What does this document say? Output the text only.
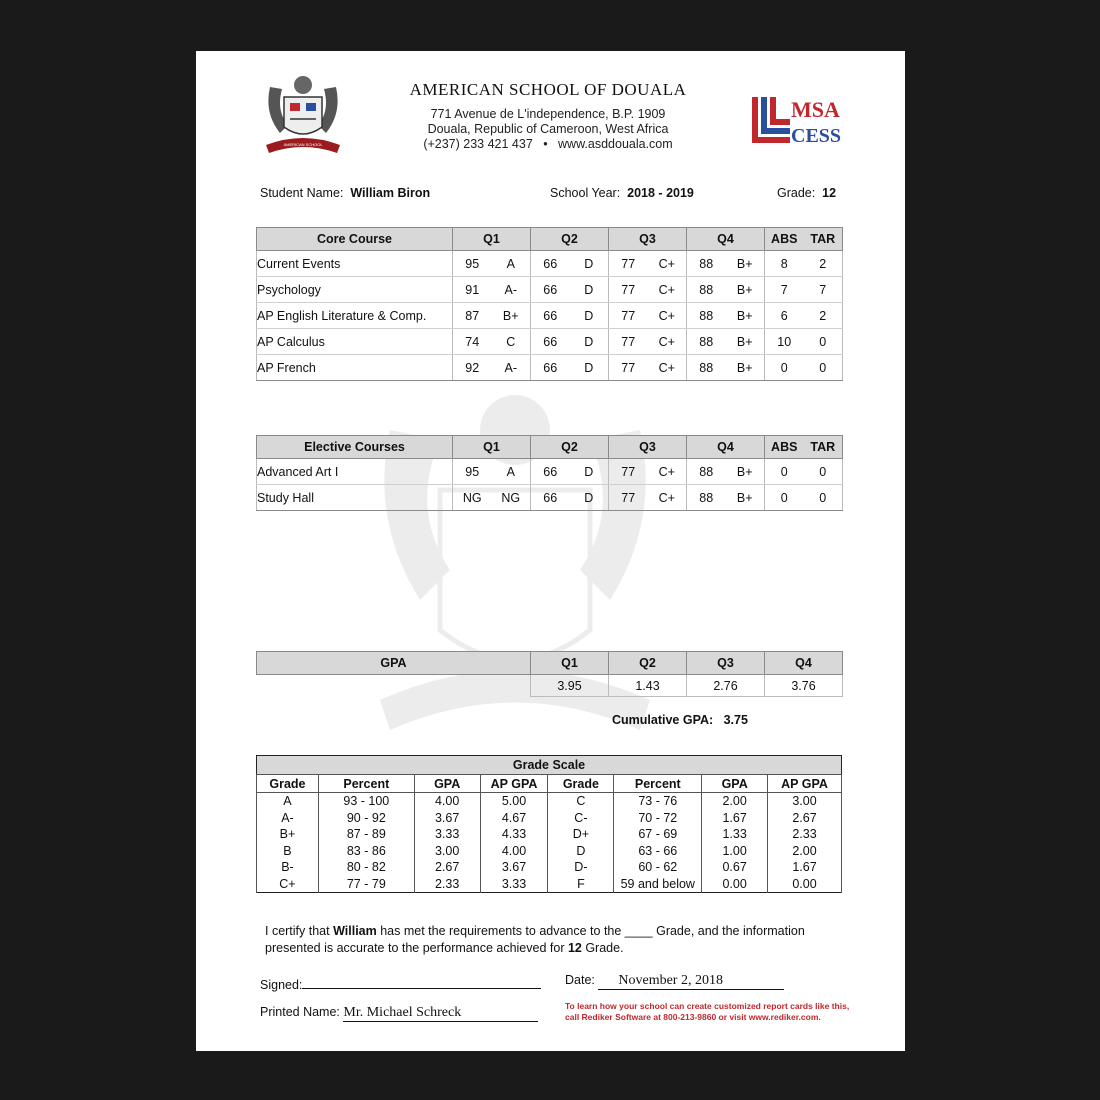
AMERICAN SCHOOL
AMERICAN SCHOOL OF DOUALA
771 Avenue de L'independence, B.P. 1909
Douala, Republic of Cameroon, West Africa
(+237) 233 421 437 • www.asddouala.com
MSA
CESS
Student Name: William Biron	School Year: 2018 - 2019	Grade: 12
Core Course	Q1	Q2	Q3	Q4	ABS TAR

Current Events	95 A	66 D	77 C+	88 B+	8 2

Psychology	91 A-	66 D	77 C+	88 B+	7 7

AP English Literature & Comp.	87 B+	66 D	77 C+	88 B+	6 2

AP Calculus	74 C	66 D	77 C+	88 B+	10 0

AP French	92 A-	66 D	77 C+	88 B+	0 0
Elective Courses	Q1	Q2	Q3	Q4	ABS TAR

Advanced Art I	95 A	66 D	77 C+	88 B+	0 0

Study Hall	NG NG	66 D	77 C+	88 B+	0 0
GPA	Q1	Q2	Q3	Q4
	3.95	1.43	2.76	3.76
Cumulative GPA: 3.75
Grade Scale							
Grade	Percent	GPA	AP GPA	Grade	Percent	GPA	AP GPA
A	93 - 100	4.00	5.00	C	73 - 76	2.00	3.00
A-	90 - 92	3.67	4.67	C-	70 - 72	1.67	2.67
B+	87 - 89	3.33	4.33	D+	67 - 69	1.33	2.33
B	83 - 86	3.00	4.00	D	63 - 66	1.00	2.00
B-	80 - 82	2.67	3.67	D-	60 - 62	0.67	1.67
C+	77 - 79	2.33	3.33	F	59 and below	0.00	0.00
I certify that William has met the requirements to advance to the ____ Grade, and the information
presented is accurate to the performance achieved for 12 Grade.
Signed:	Date: November 2, 2018
Printed Name: Mr. Michael Schreck	To learn how your school can create customized report cards like this,
call Rediker Software at 800-213-9860 or visit www.rediker.com.
